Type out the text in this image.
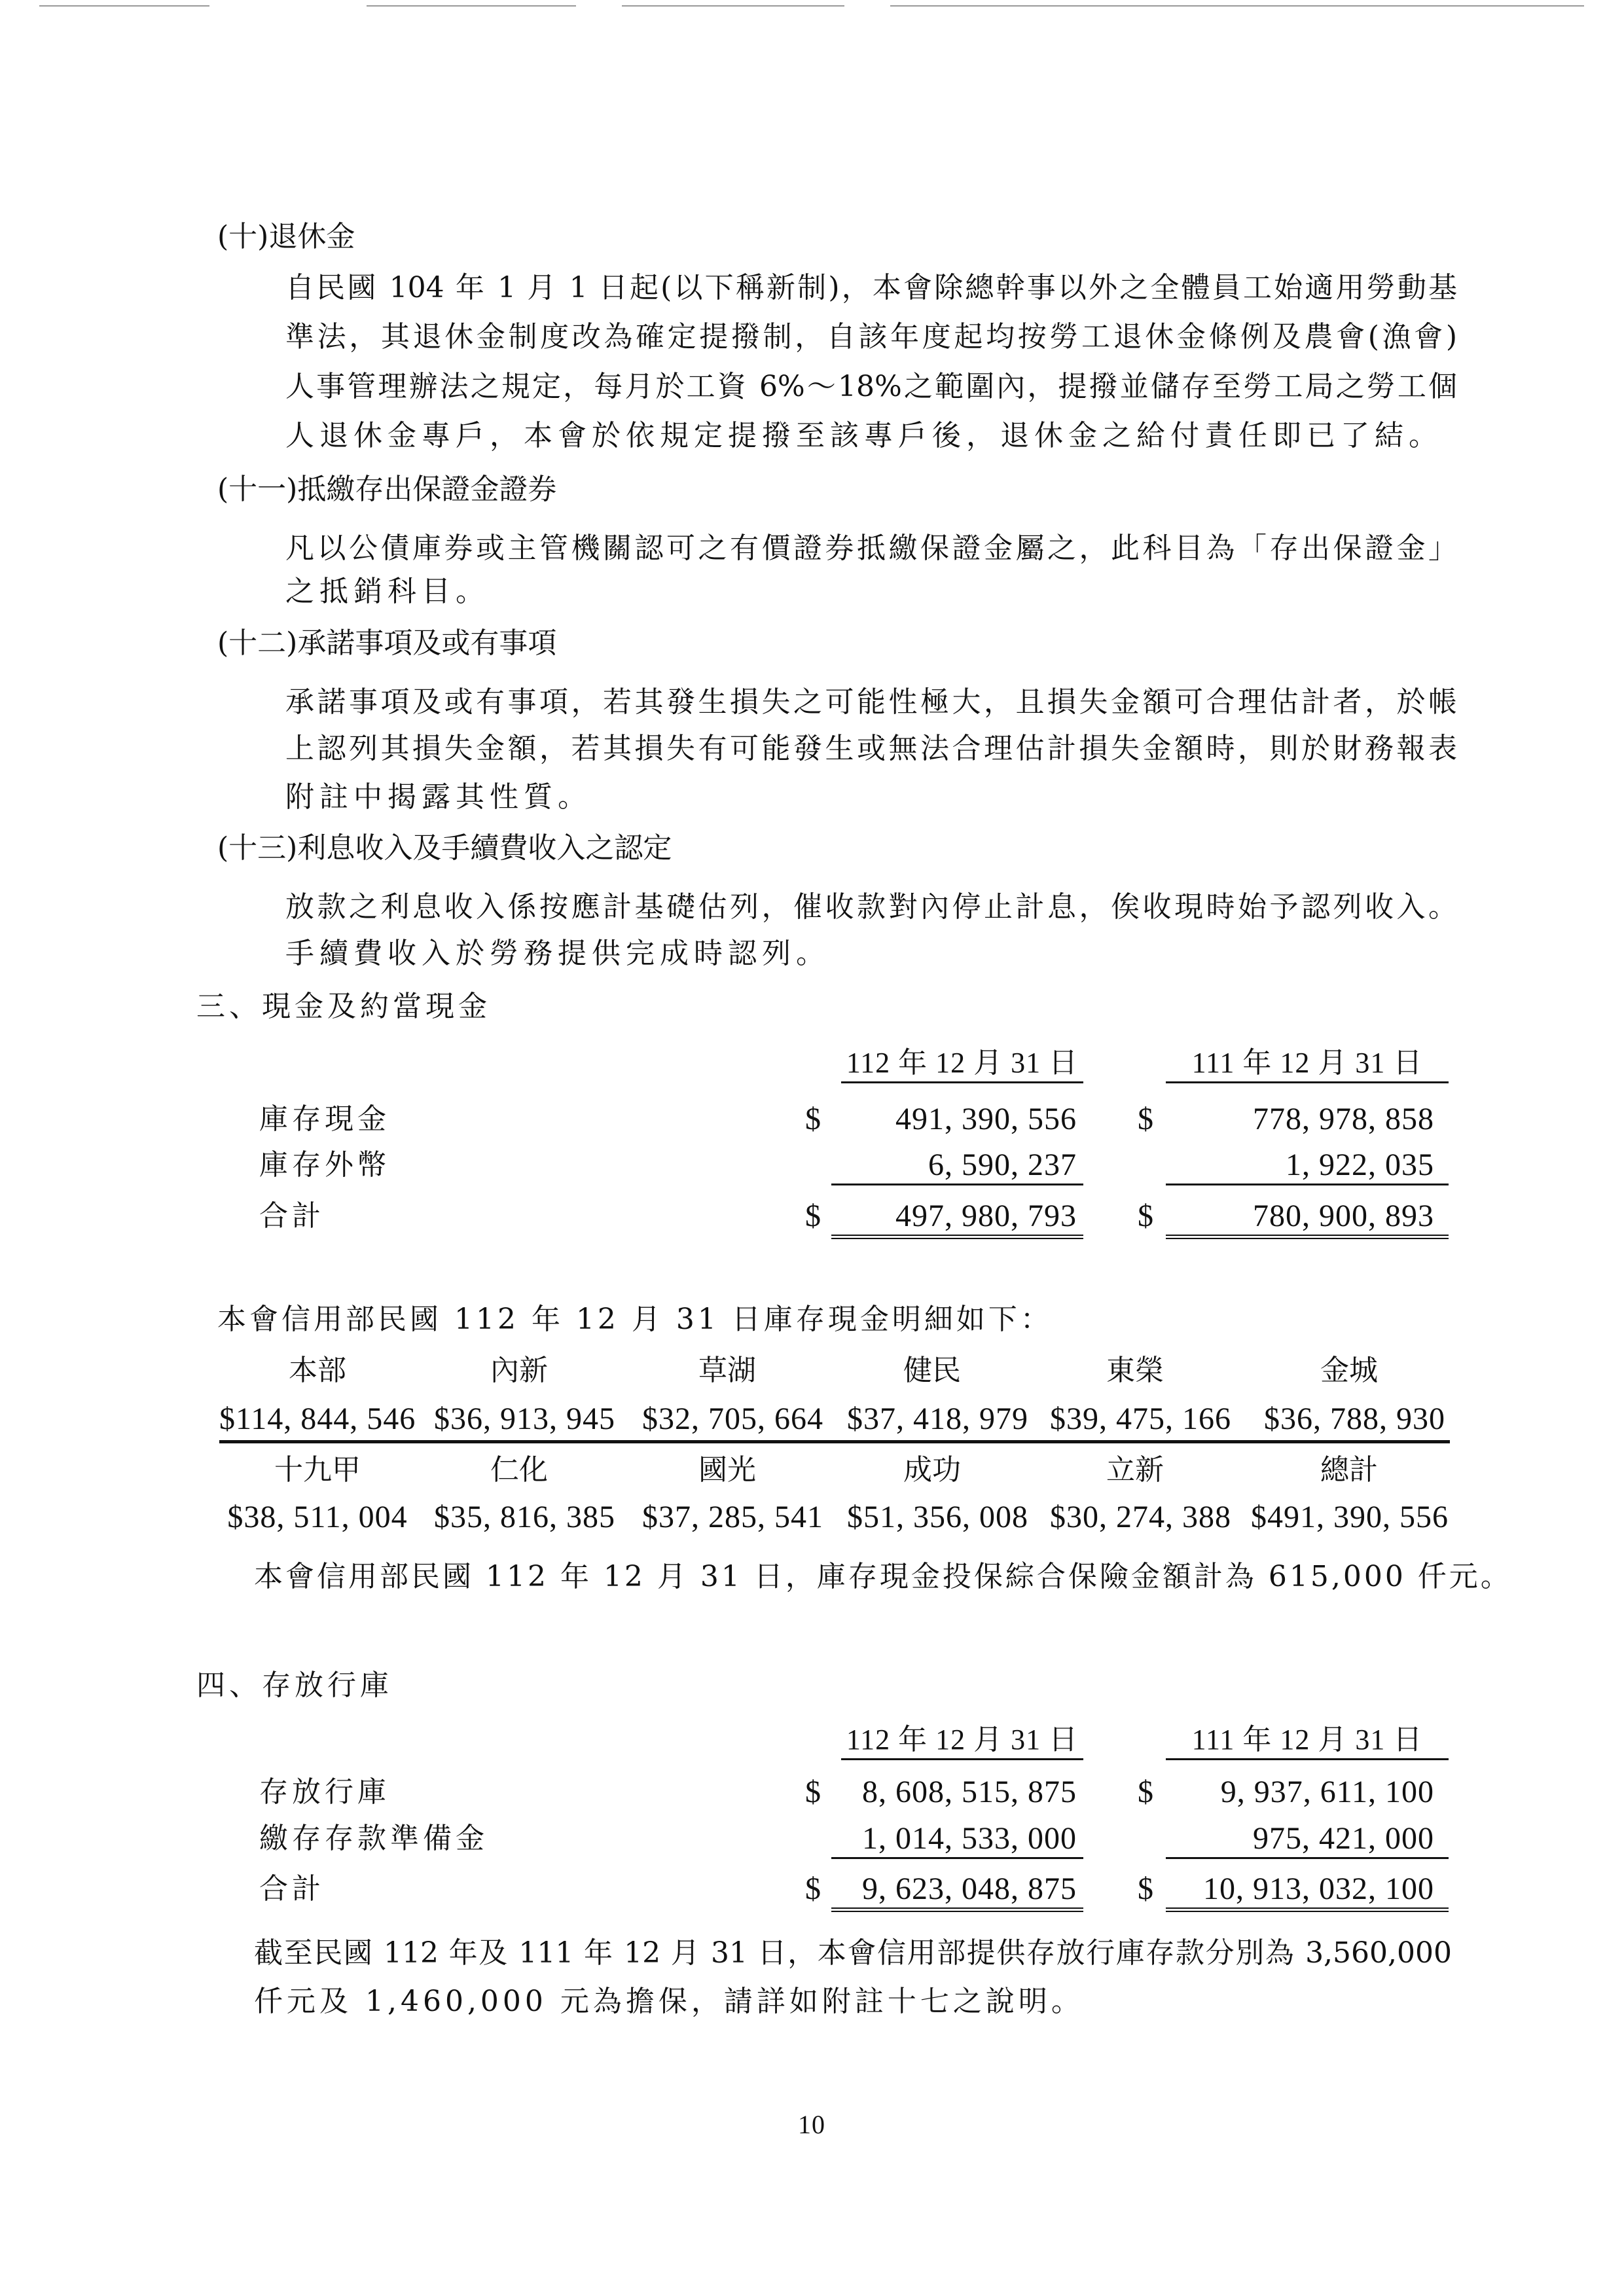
(十)退休金
自民國 104 年 1 月 1 日起(以下稱新制)，本會除總幹事以外之全體員工始適用勞動基
準法，其退休金制度改為確定提撥制，自該年度起均按勞工退休金條例及農會(漁會)
人事管理辦法之規定，每月於工資 6%～18%之範圍內，提撥並儲存至勞工局之勞工個
人退休金專戶，本會於依規定提撥至該專戶後，退休金之給付責任即已了結。
(十一)抵繳存出保證金證券
凡以公債庫券或主管機關認可之有價證券抵繳保證金屬之，此科目為「存出保證金」
之抵銷科目。
(十二)承諾事項及或有事項
承諾事項及或有事項，若其發生損失之可能性極大，且損失金額可合理估計者，於帳
上認列其損失金額，若其損失有可能發生或無法合理估計損失金額時，則於財務報表
附註中揭露其性質。
(十三)利息收入及手續費收入之認定
放款之利息收入係按應計基礎估列，催收款對內停止計息，俟收現時始予認列收入。
手續費收入於勞務提供完成時認列。
三、現金及約當現金
112 年 12 月 31 日	111 年 12 月 31 日
庫存現金	$	491, 390, 556 $	778, 978, 858
庫存外幣	6, 590, 237	1, 922, 035
合計	$	497, 980, 793 $	780, 900, 893
本會信用部民國 112 年 12 月 31 日庫存現金明細如下：
本部	內新	草湖	健民	東榮	金城
$114, 844, 546 $36, 913, 945 $32, 705, 664 $37, 418, 979 $39, 475, 166 $36, 788, 930
十九甲	仁化	國光	成功	立新	總計
$38, 511, 004 $35, 816, 385 $37, 285, 541 $51, 356, 008 $30, 274, 388 $491, 390, 556
本會信用部民國 112 年 12 月 31 日，庫存現金投保綜合保險金額計為 615,000 仟元。
四、存放行庫
112 年 12 月 31 日	111 年 12 月 31 日
存放行庫	$	8, 608, 515, 875 $	9, 937, 611, 100
繳存存款準備金	1, 014, 533, 000	975, 421, 000
合計	$	9, 623, 048, 875 $	10, 913, 032, 100
截至民國 112 年及 111 年 12 月 31 日，本會信用部提供存放行庫存款分別為 3,560,000
仟元及 1,460,000 元為擔保，請詳如附註十七之說明。
10
